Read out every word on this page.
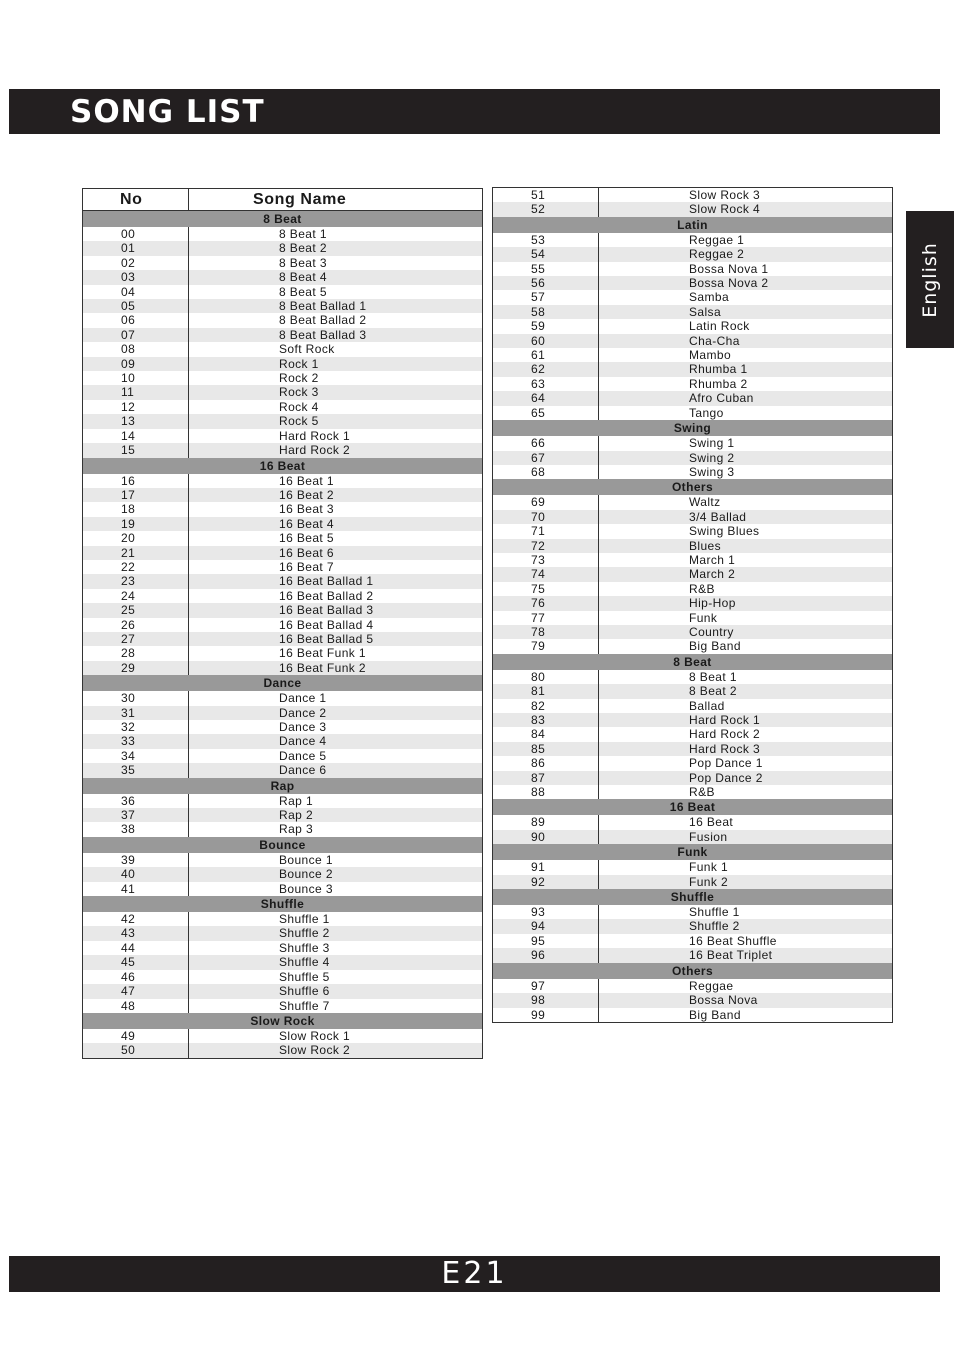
SONG LIST
English
No	Song Name

8 Beat	

00	8 Beat 1
01	8 Beat 2
02	8 Beat 3
03	8 Beat 4
04	8 Beat 5
05	8 Beat Ballad 1
06	8 Beat Ballad 2
07	8 Beat Ballad 3
08	Soft Rock
09	Rock 1
10	Rock 2
11	Rock 3
12	Rock 4
13	Rock 5
14	Hard Rock 1
15	Hard Rock 2

16 Beat	

16	16 Beat 1
17	16 Beat 2
18	16 Beat 3
19	16 Beat 4
20	16 Beat 5
21	16 Beat 6
22	16 Beat 7
23	16 Beat Ballad 1
24	16 Beat Ballad 2
25	16 Beat Ballad 3
26	16 Beat Ballad 4
27	16 Beat Ballad 5
28	16 Beat Funk 1
29	16 Beat Funk 2

Dance	

30	Dance 1
31	Dance 2
32	Dance 3
33	Dance 4
34	Dance 5
35	Dance 6

Rap	

36	Rap 1
37	Rap 2
38	Rap 3

Bounce	

39	Bounce 1
40	Bounce 2
41	Bounce 3

Shuffle	

42	Shuffle 1
43	Shuffle 2
44	Shuffle 3
45	Shuffle 4
46	Shuffle 5
47	Shuffle 6
48	Shuffle 7

Slow Rock	

49	Slow Rock 1
50	Slow Rock 2
51	Slow Rock 3
52	Slow Rock 4

Latin	

53	Reggae 1
54	Reggae 2
55	Bossa Nova 1
56	Bossa Nova 2
57	Samba
58	Salsa
59	Latin Rock
60	Cha-Cha
61	Mambo
62	Rhumba 1
63	Rhumba 2
64	Afro Cuban
65	Tango

Swing	

66	Swing 1
67	Swing 2
68	Swing 3

Others	

69	Waltz
70	3/4 Ballad
71	Swing Blues
72	Blues
73	March 1
74	March 2
75	R&B
76	Hip-Hop
77	Funk
78	Country
79	Big Band

8 Beat	

80	8 Beat 1
81	8 Beat 2
82	Ballad
83	Hard Rock 1
84	Hard Rock 2
85	Hard Rock 3
86	Pop Dance 1
87	Pop Dance 2
88	R&B

16 Beat	

89	16 Beat
90	Fusion

Funk	

91	Funk 1
92	Funk 2

Shuffle	

93	Shuffle 1
94	Shuffle 2
95	16 Beat Shuffle
96	16 Beat Triplet

Others	

97	Reggae
98	Bossa Nova
99	Big Band
E21
